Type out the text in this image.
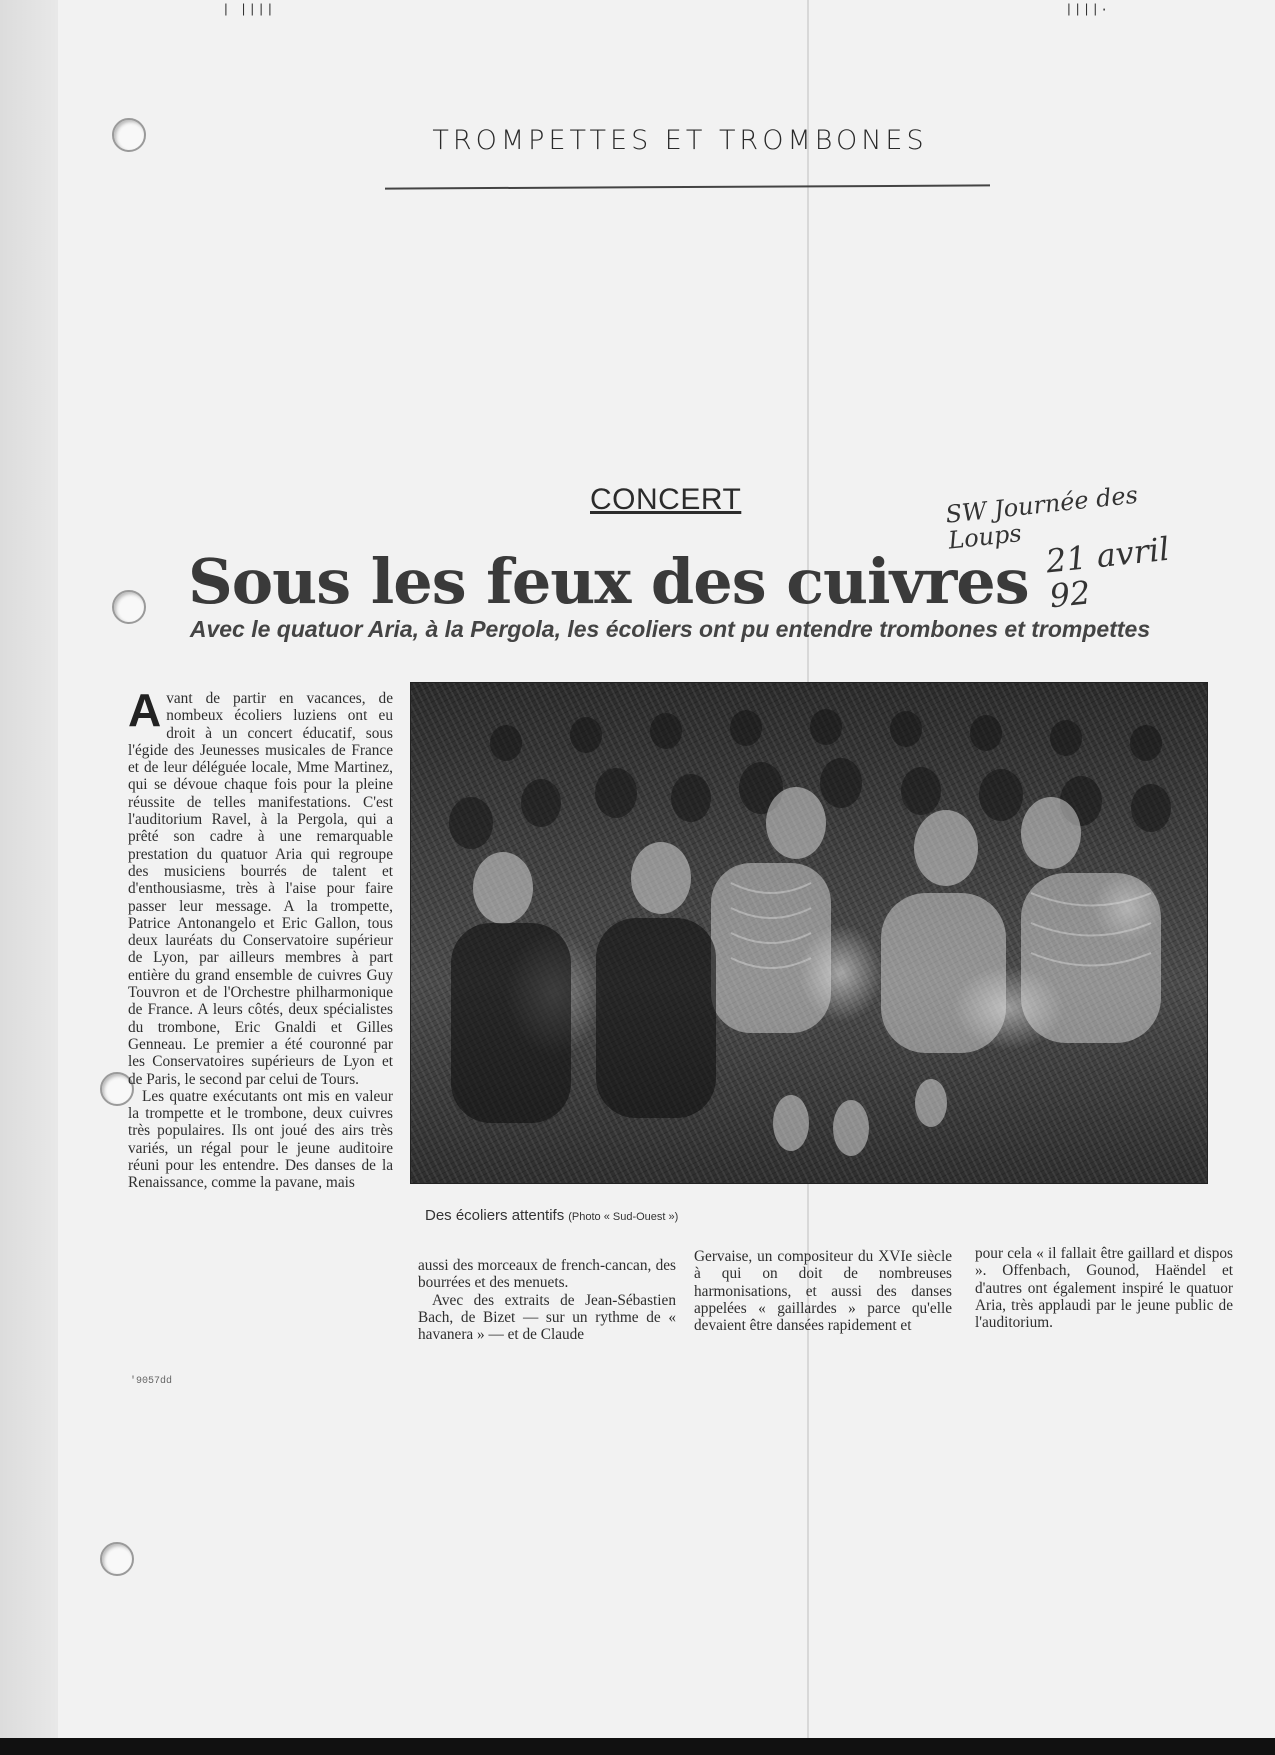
| ||||	||||·
TROMPETTES ET TROMBONES
CONCERT	SW Journée des Loups 21 avril 92
Sous les feux des cuivres
Avec le quatuor Aria, à la Pergola, les écoliers ont pu entendre trombones et trompettes

Avant de partir en vacances, de nombeux écoliers luziens ont eu droit à un concert éducatif, sous l'égide des Jeunesses musicales de France et de leur déléguée locale, Mme Martinez, qui se dévoue chaque fois pour la pleine réussite de telles manifestations. C'est l'auditorium Ravel, à la Pergola, qui a prêté son cadre à une remarquable prestation du quatuor Aria qui regroupe des musiciens bourrés de talent et d'enthousiasme, très à l'aise pour faire passer leur message. A la trompette, Patrice Antonangelo et Eric Gallon, tous deux lauréats du Conservatoire supérieur de Lyon, par ailleurs membres à part entière du grand ensemble de cuivres Guy Touvron et de l'Orchestre philharmonique de France. A leurs côtés, deux spécialistes du trombone, Eric Gnaldi et Gilles Genneau. Le premier a été couronné par les Conservatoires supérieurs de Lyon et de Paris, le second par celui de Tours.

Les quatre exécutants ont mis en valeur la trompette et le trombone, deux cuivres très populaires. Ils ont joué des airs très variés, un régal pour le jeune auditoire réuni pour les entendre. Des danses de la Renaissance, comme la pavane, mais

Des écoliers attentifs (Photo « Sud-Ouest »)

aussi des morceaux de french-cancan, des bourrées et des menuets.

Avec des extraits de Jean-Sébastien Bach, de Bizet — sur un rythme de « havanera » — et de Claude

Gervaise, un compositeur du XVIe siècle à qui on doit de nombreuses harmonisations, et aussi des danses appelées « gaillardes » parce qu'elle devaient être dansées rapidement et

pour cela « il fallait être gaillard et dispos ». Offenbach, Gounod, Haëndel et d'autres ont également inspiré le quatuor Aria, très applaudi par le jeune public de l'auditorium.

'9057dd
